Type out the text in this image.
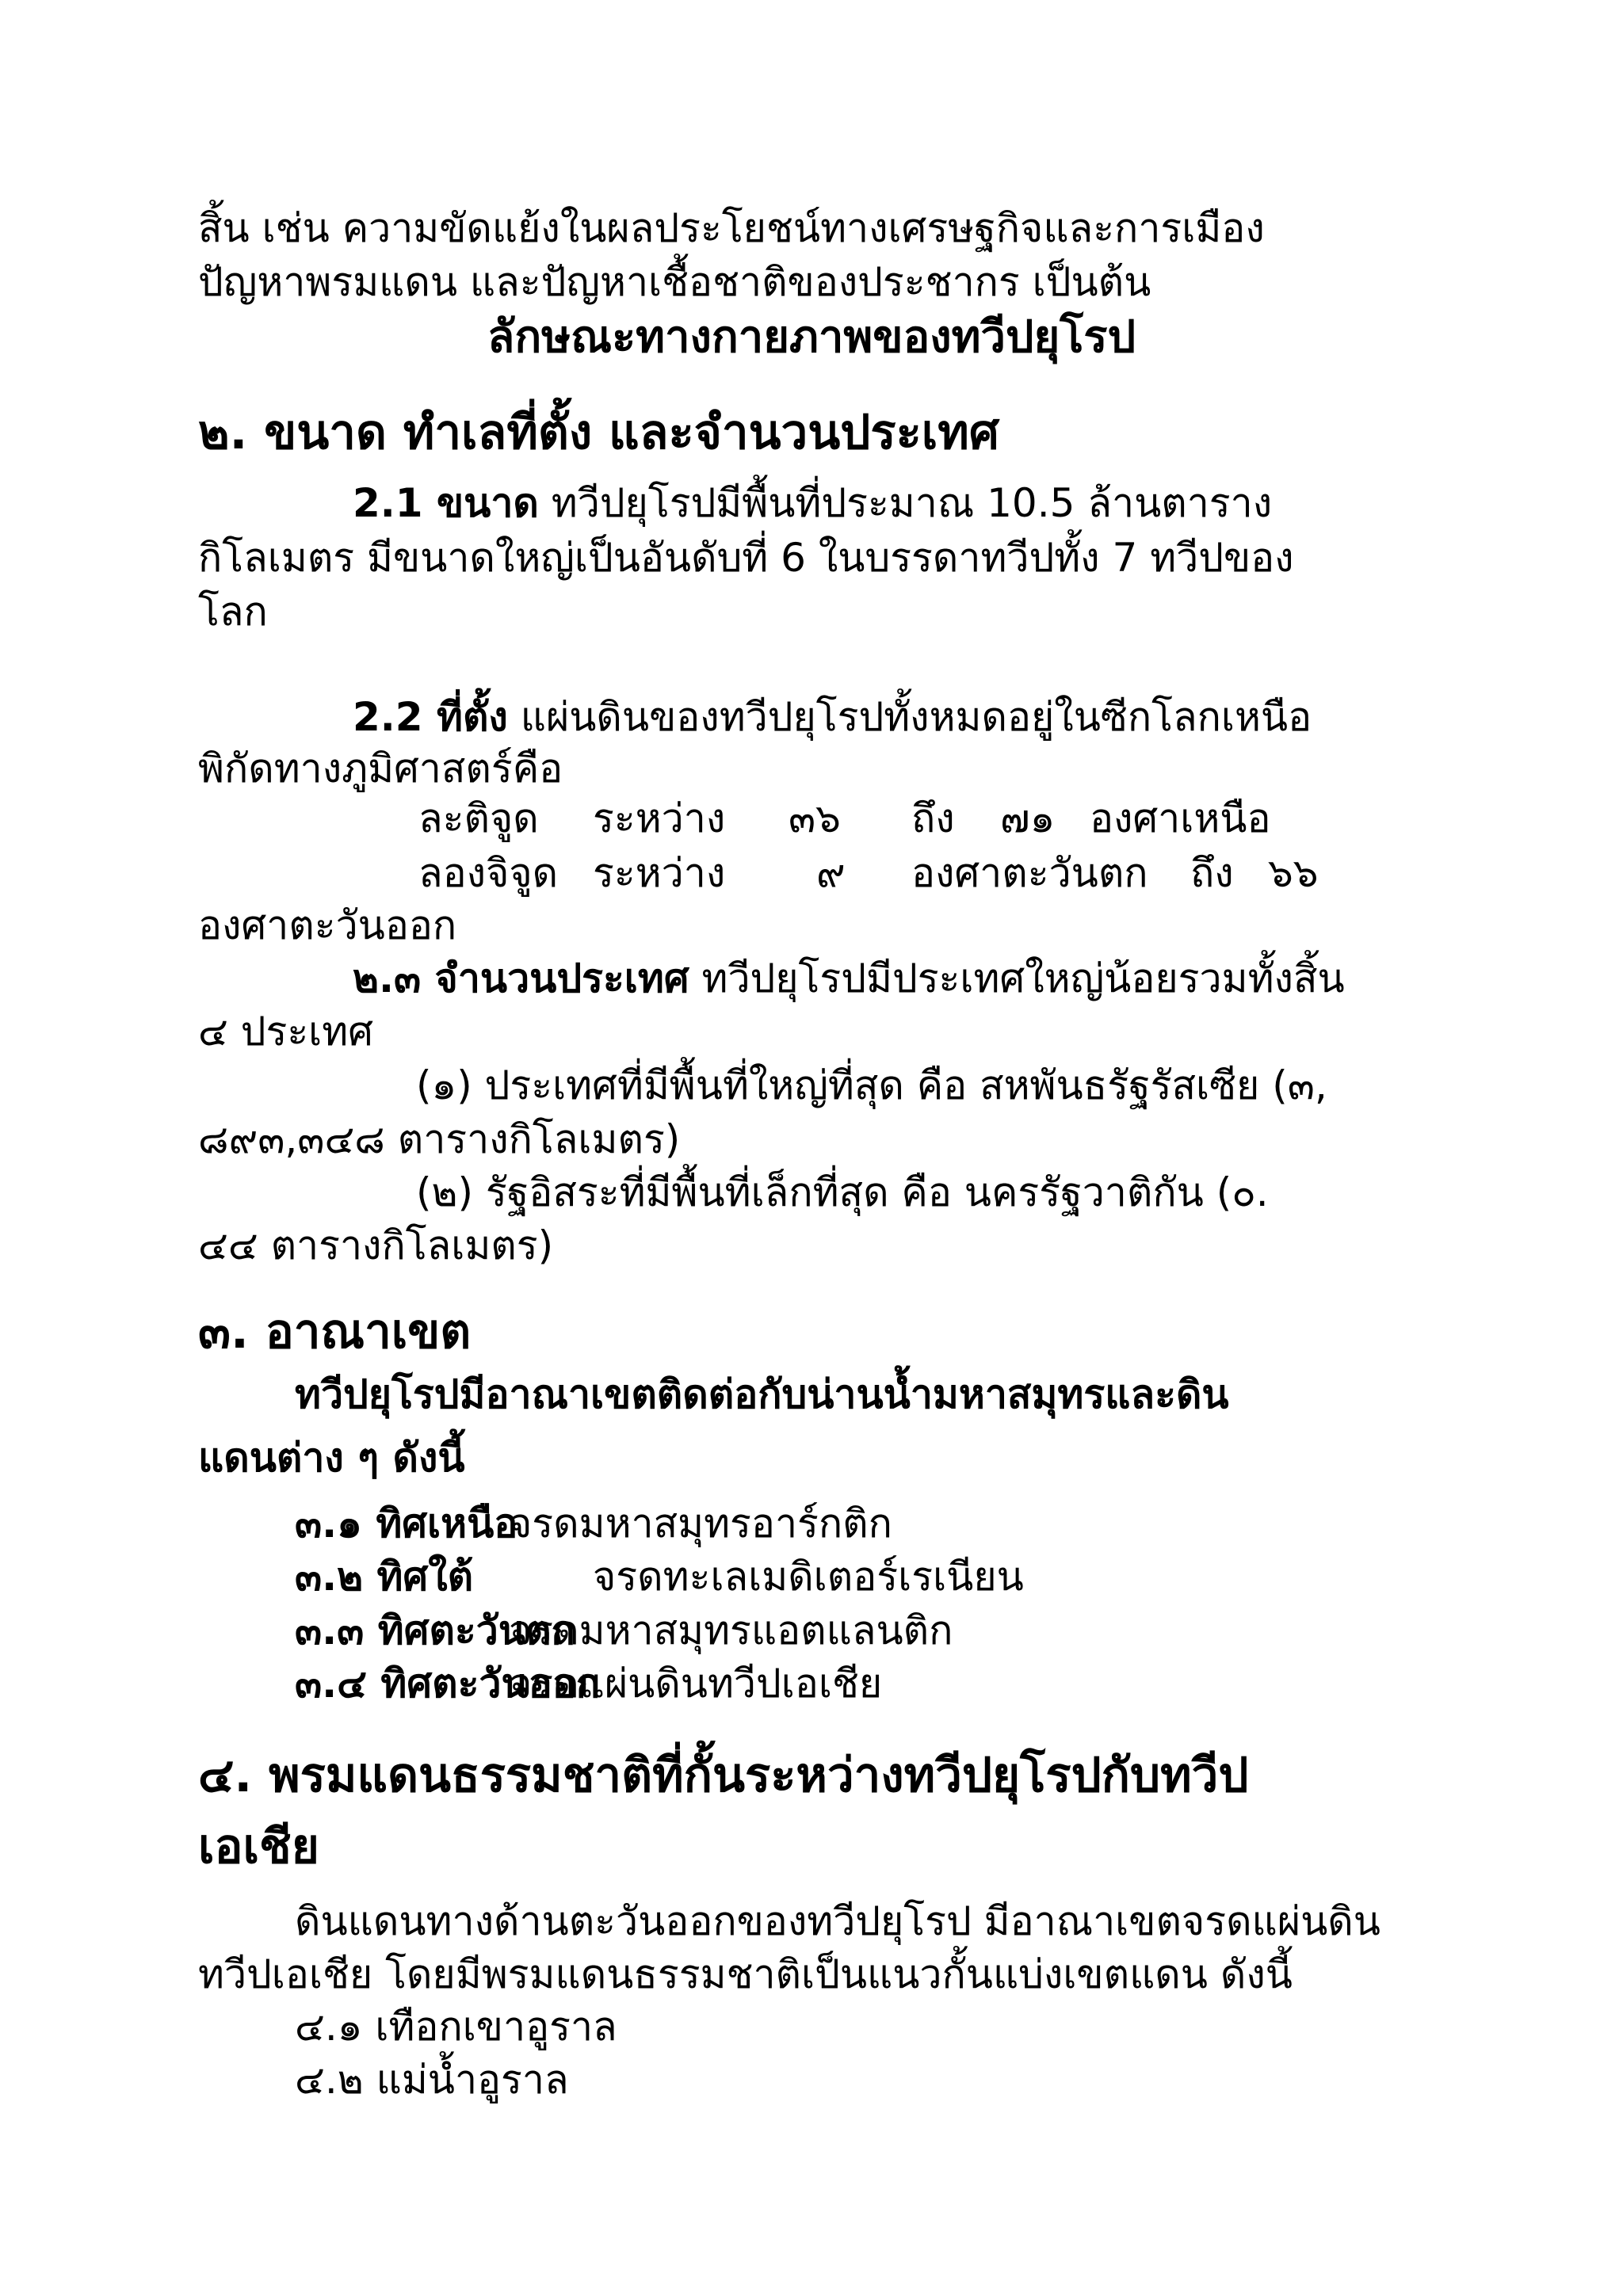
สิ้น เช่น ความขัดแย้งในผลประโยชน์ทางเศรษฐกิจและการเมือง
ปัญหาพรมแดน และปัญหาเชื้อชาติของประชากร เป็นต้น
ลักษณะทางกายภาพของทวีปยุโรป
๒. ขนาด ทำเลที่ตั้ง และจำนวนประเทศ
2.1 ขนาด ทวีปยุโรปมีพื้นที่ประมาณ 10.5 ล้านตาราง
กิโลเมตร มีขนาดใหญ่เป็นอันดับที่ 6 ในบรรดาทวีปทั้ง 7 ทวีปของ
โลก
2.2 ที่ตั้ง แผ่นดินของทวีปยุโรปทั้งหมดอยู่ในซีกโลกเหนือ
พิกัดทางภูมิศาสตร์คือ
ละติจูด ระหว่าง ๓๖ ถึง ๗๑ องศาเหนือ
ลองจิจูด ระหว่าง ๙ องศาตะวันตก ถึง ๖๖
องศาตะวันออก
๒.๓ จำนวนประเทศ ทวีปยุโรปมีประเทศใหญ่น้อยรวมทั้งสิ้น
๔ ประเทศ
(๑) ประเทศที่มีพื้นที่ใหญ่ที่สุด คือ สหพันธรัฐรัสเซีย (๓,
๘๙๓,๓๔๘ ตารางกิโลเมตร)
(๒) รัฐอิสระที่มีพื้นที่เล็กที่สุด คือ นครรัฐวาติกัน (๐.
๔๔ ตารางกิโลเมตร)
๓. อาณาเขต
ทวีปยุโรปมีอาณาเขตติดต่อกับน่านน้ำมหาสมุทรและดิน
แดนต่าง ๆ ดังนี้
๓.๑ ทิศเหนือจรดมหาสมุทรอาร์กติก
๓.๒ ทิศใต้	จรดทะเลเมดิเตอร์เรเนียน
๓.๓ ทิศตะวันตกจรดมหาสมุทรแอตแลนติก
๓.๔ ทิศตะวันออกจรดแผ่นดินทวีปเอเชีย
๔. พรมแดนธรรมชาติที่กั้นระหว่างทวีปยุโรปกับทวีป
เอเชีย
ดินแดนทางด้านตะวันออกของทวีปยุโรป มีอาณาเขตจรดแผ่นดิน
ทวีปเอเชีย โดยมีพรมแดนธรรมชาติเป็นแนวกั้นแบ่งเขตแดน ดังนี้
๔.๑ เทือกเขาอูราล
๔.๒ แม่น้ำอูราล
